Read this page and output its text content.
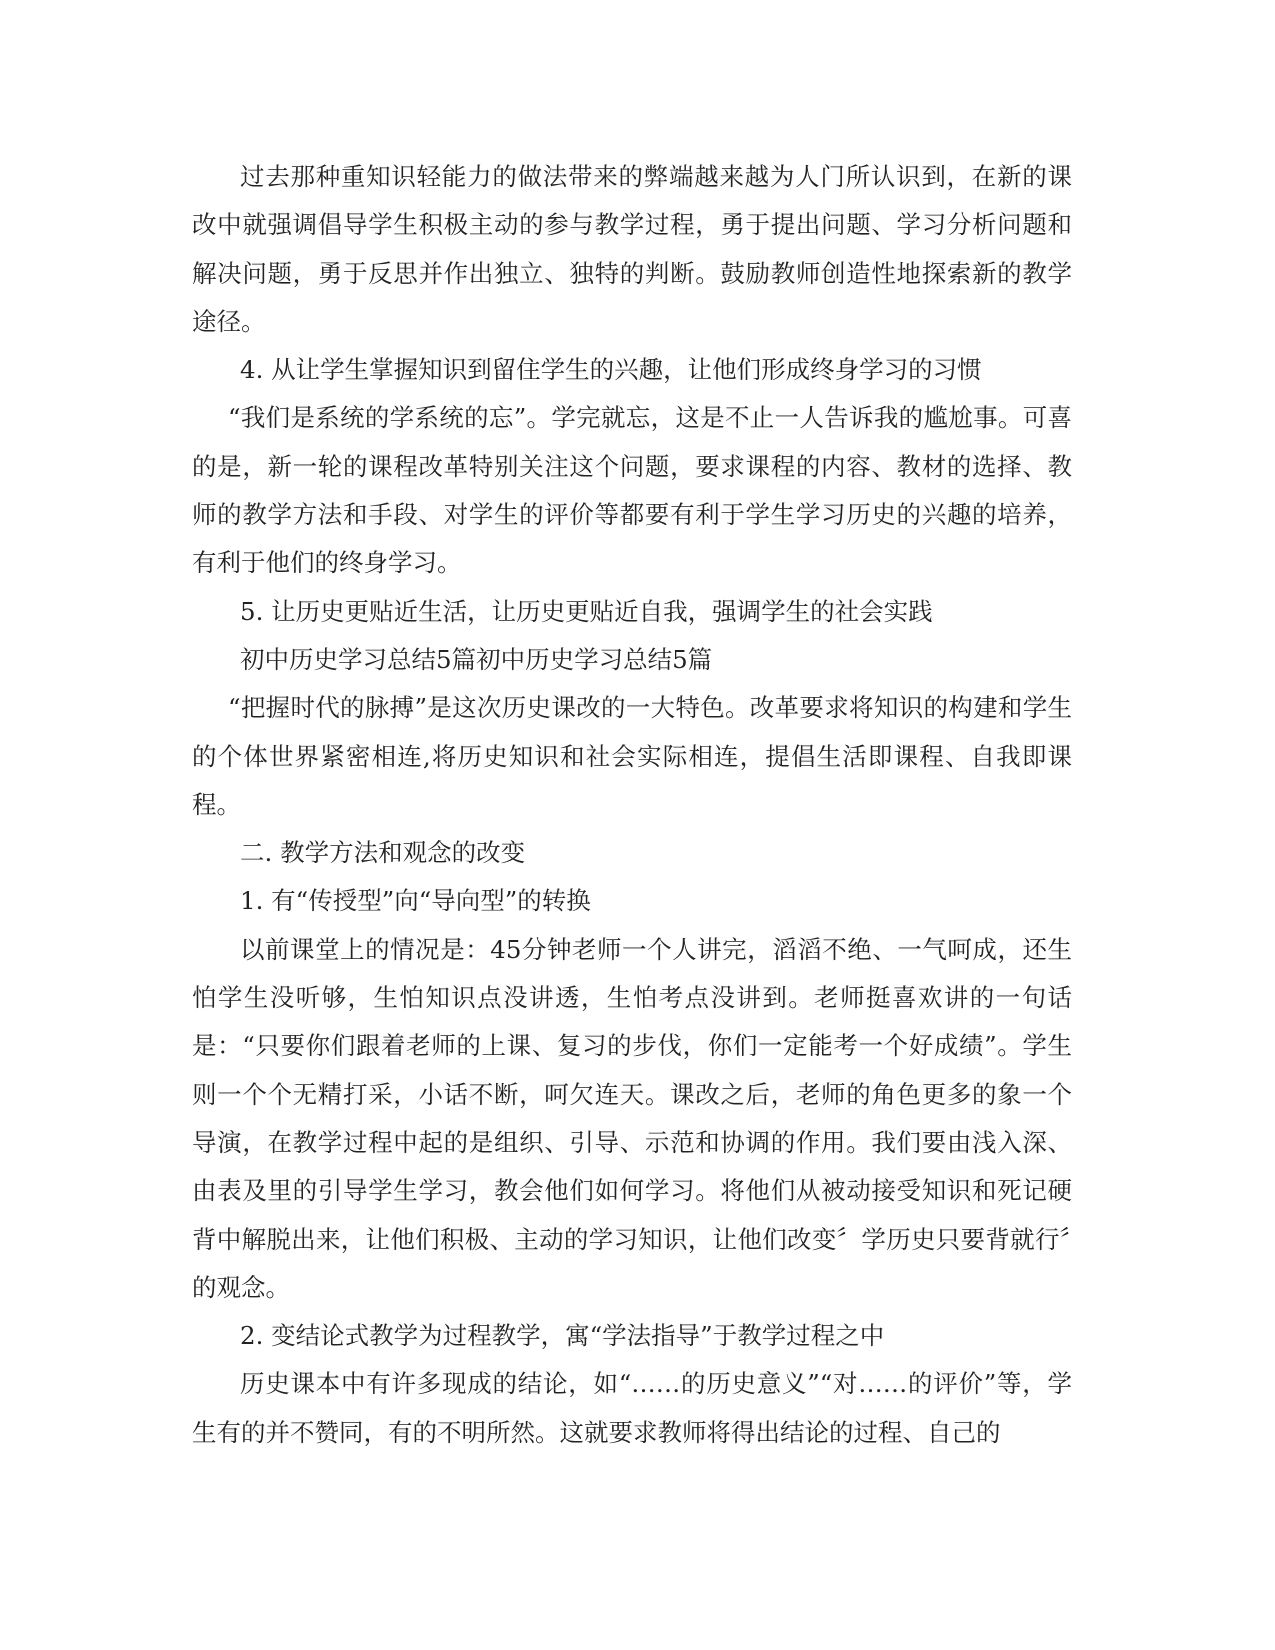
过去那种重知识轻能力的做法带来的弊端越来越为人门所认识到，在新的课改中就强调倡导学生积极主动的参与教学过程，勇于提出问题、学习分析问题和解决问题，勇于反思并作出独立、独特的判断。鼓励教师创造性地探索新的教学途径。

4. 从让学生掌握知识到留住学生的兴趣，让他们形成终身学习的习惯

“我们是系统的学系统的忘”。学完就忘，这是不止一人告诉我的尴尬事。可喜的是，新一轮的课程改革特别关注这个问题，要求课程的内容、教材的选择、教师的教学方法和手段、对学生的评价等都要有利于学生学习历史的兴趣的培养，有利于他们的终身学习。

5. 让历史更贴近生活，让历史更贴近自我，强调学生的社会实践

初中历史学习总结5篇初中历史学习总结5篇

“把握时代的脉搏”是这次历史课改的一大特色。改革要求将知识的构建和学生的个体世界紧密相连,将历史知识和社会实际相连，提倡生活即课程、自我即课程。

二. 教学方法和观念的改变

1. 有“传授型”向“导向型”的转换

以前课堂上的情况是：45分钟老师一个人讲完，滔滔不绝、一气呵成，还生怕学生没听够，生怕知识点没讲透，生怕考点没讲到。老师挺喜欢讲的一句话是：“只要你们跟着老师的上课、复习的步伐，你们一定能考一个好成绩”。学生则一个个无精打采，小话不断，呵欠连天。课改之后，老师的角色更多的象一个导演，在教学过程中起的是组织、引导、示范和协调的作用。我们要由浅入深、由表及里的引导学生学习，教会他们如何学习。将他们从被动接受知识和死记硬背中解脱出来，让他们积极、主动的学习知识，让他们改变〞学历史只要背就行〞的观念。

2. 变结论式教学为过程教学，寓“学法指导”于教学过程之中

历史课本中有许多现成的结论，如“……的历史意义”“对……的评价”等，学生有的并不赞同，有的不明所然。这就要求教师将得出结论的过程、自己的
